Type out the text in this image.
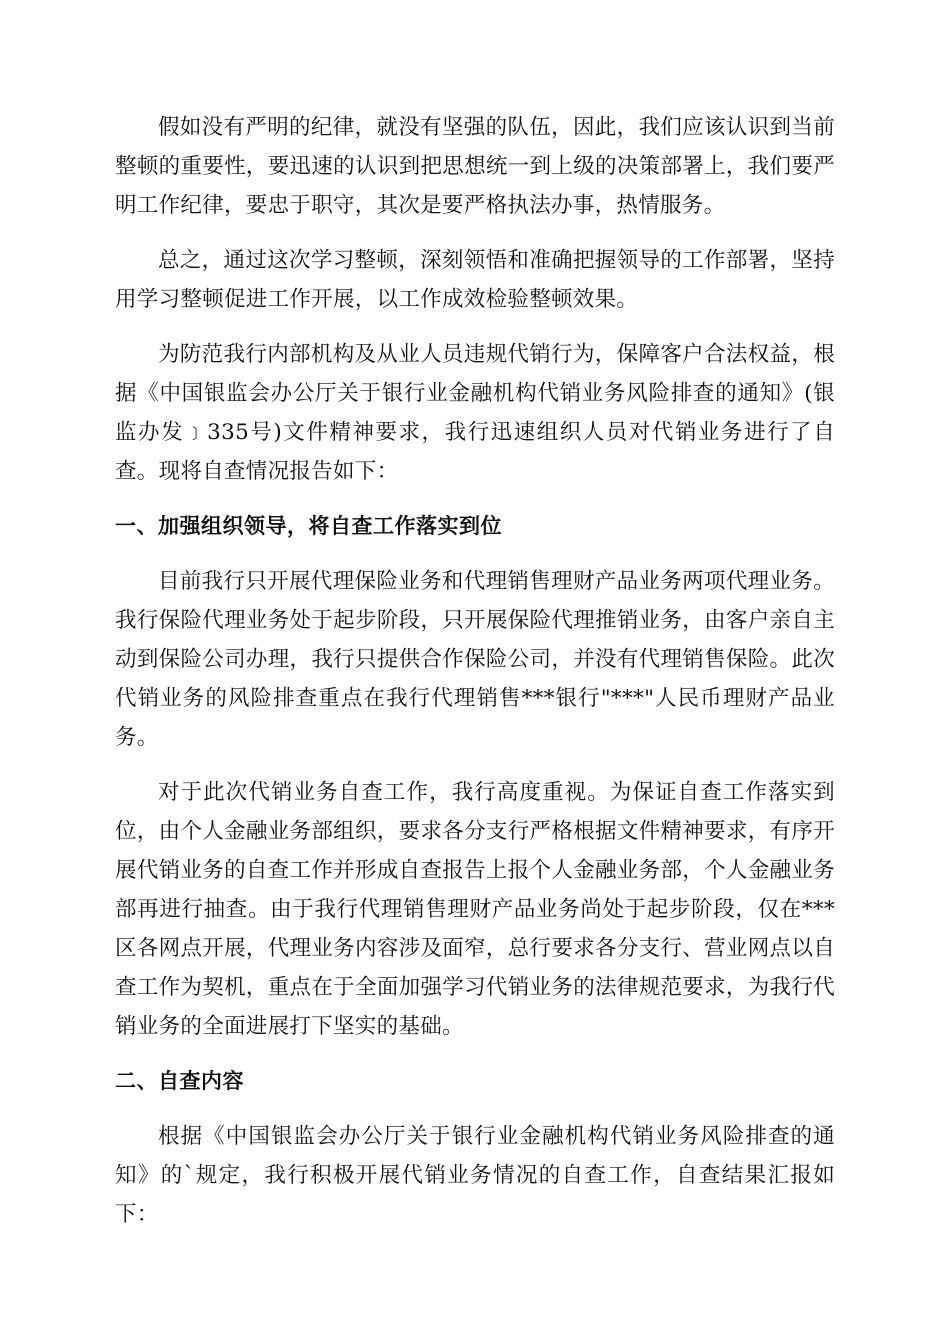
假如没有严明的纪律，就没有坚强的队伍，因此，我们应该认识到当前整顿的重要性，要迅速的认识到把思想统一到上级的决策部署上，我们要严明工作纪律，要忠于职守，其次是要严格执法办事，热情服务。

总之，通过这次学习整顿，深刻领悟和准确把握领导的工作部署，坚持用学习整顿促进工作开展，以工作成效检验整顿效果。

为防范我行内部机构及从业人员违规代销行为，保障客户合法权益，根据《中国银监会办公厅关于银行业金融机构代销业务风险排查的通知》(银监办发﹞335号)文件精神要求，我行迅速组织人员对代销业务进行了自查。现将自查情况报告如下：

一、加强组织领导，将自查工作落实到位

目前我行只开展代理保险业务和代理销售理财产品业务两项代理业务。我行保险代理业务处于起步阶段，只开展保险代理推销业务，由客户亲自主动到保险公司办理，我行只提供合作保险公司，并没有代理销售保险。此次代销业务的风险排查重点在我行代理销售***银行"***"人民币理财产品业务。

对于此次代销业务自查工作，我行高度重视。为保证自查工作落实到位，由个人金融业务部组织，要求各分支行严格根据文件精神要求，有序开展代销业务的自查工作并形成自查报告上报个人金融业务部，个人金融业务部再进行抽查。由于我行代理销售理财产品业务尚处于起步阶段，仅在***区各网点开展，代理业务内容涉及面窄，总行要求各分支行、营业网点以自查工作为契机，重点在于全面加强学习代销业务的法律规范要求，为我行代销业务的全面进展打下坚实的基础。

二、自查内容

根据《中国银监会办公厅关于银行业金融机构代销业务风险排查的通知》的`规定，我行积极开展代销业务情况的自查工作，自查结果汇报如下：
